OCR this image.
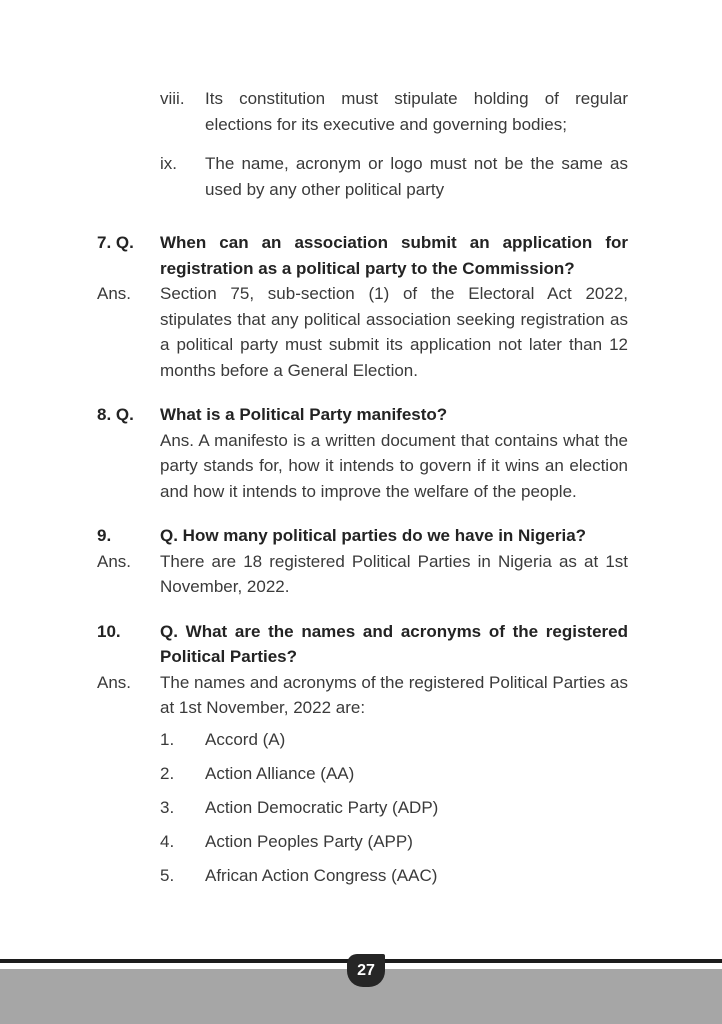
viii.	Its constitution must stipulate holding of regular elections for its executive and governing bodies;

ix.	The name, acronym or logo must not be the same as used by any other political party

7. Q.	When can an association submit an application for registration as a political party to the Commission?

Ans.	Section 75, sub-section (1) of the Electoral Act 2022, stipulates that any political association seeking registration as a political party must submit its application not later than 12 months before a General Election.

8. Q.	What is a Political Party manifesto?

Ans. A manifesto is a written document that contains what the party stands for, how it intends to govern if it wins an election and how it intends to improve the welfare of the people.

9.	Q. How many political parties do we have in Nigeria?

Ans.	There are 18 registered Political Parties in Nigeria as at 1st November, 2022.

10.	Q. What are the names and acronyms of the registered Political Parties?

Ans.	The names and acronyms of the registered Political Parties as at 1st November, 2022 are:

1.	Accord (A)

2.	Action Alliance (AA)

3.	Action Democratic Party (ADP)

4.	Action Peoples Party (APP)

5.	African Action Congress (AAC)

27
